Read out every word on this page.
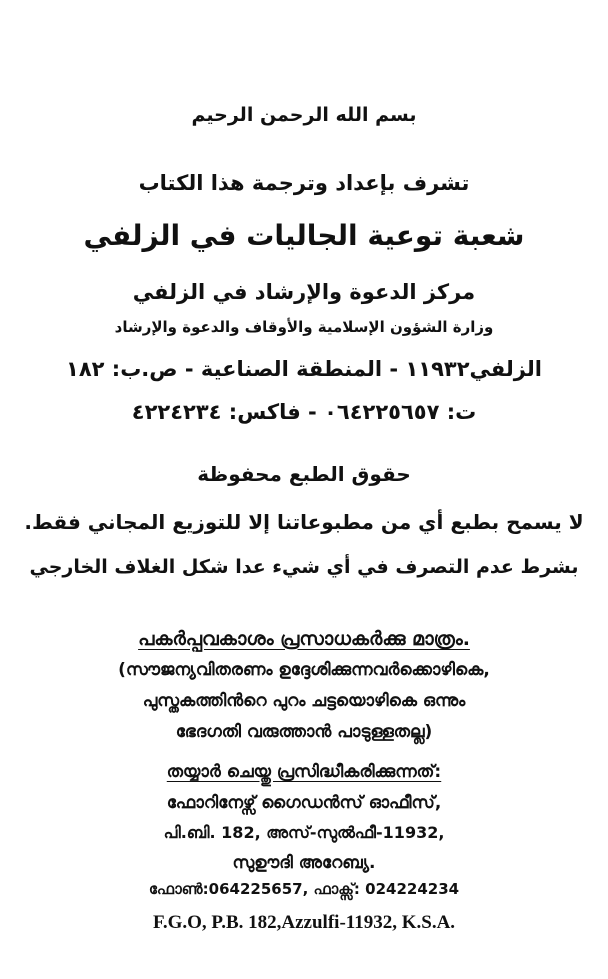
بسم الله الرحمن الرحيم
تشرف بإعداد وترجمة هذا الكتاب
شعبة توعية الجاليات في الزلفي
مركز الدعوة والإرشاد في الزلفي
وزارة الشؤون الإسلامية والأوقاف والدعوة والإرشاد
الزلفي١١٩٣٢ - المنطقة الصناعية - ص.ب: ١٨٢
ت: ٠٦٤٢٢٥٦٥٧ - فاكس: ٤٢٢٤٢٣٤
حقوق الطبع محفوظة
لا يسمح بطبع أي من مطبوعاتنا إلا للتوزيع المجاني فقط.
بشرط عدم التصرف في أي شيء عدا شكل الغلاف الخارجي
പകര്‍പ്പവകാശം പ്രസാധകര്‍ക്കു മാത്രം.
(സൗജന്യവിതരണം ഉദ്ദേശിക്കുന്നവര്‍ക്കൊഴികെ,
പുസ്തകത്തിന്‍റെ പുറം ചട്ടയൊഴികെ ഒന്നും
ഭേദഗതി വരുത്താന്‍ പാടുള്ളതല്ല)
തയ്യാര്‍ ചെയ്തു പ്രസിദ്ധീകരിക്കുന്നത്:
ഫോറിനേഴ്സ് ഗൈഡന്‍സ് ഓഫീസ്,
പി.ബി. 182, അസ്-സുല്‍ഫീ-11932,
സുഊദി അറേബ്യ.
ഫോണ്‍:064225657, ഫാക്സ്: 024224234
F.G.O, P.B. 182,Azzulfi-11932, K.S.A.
